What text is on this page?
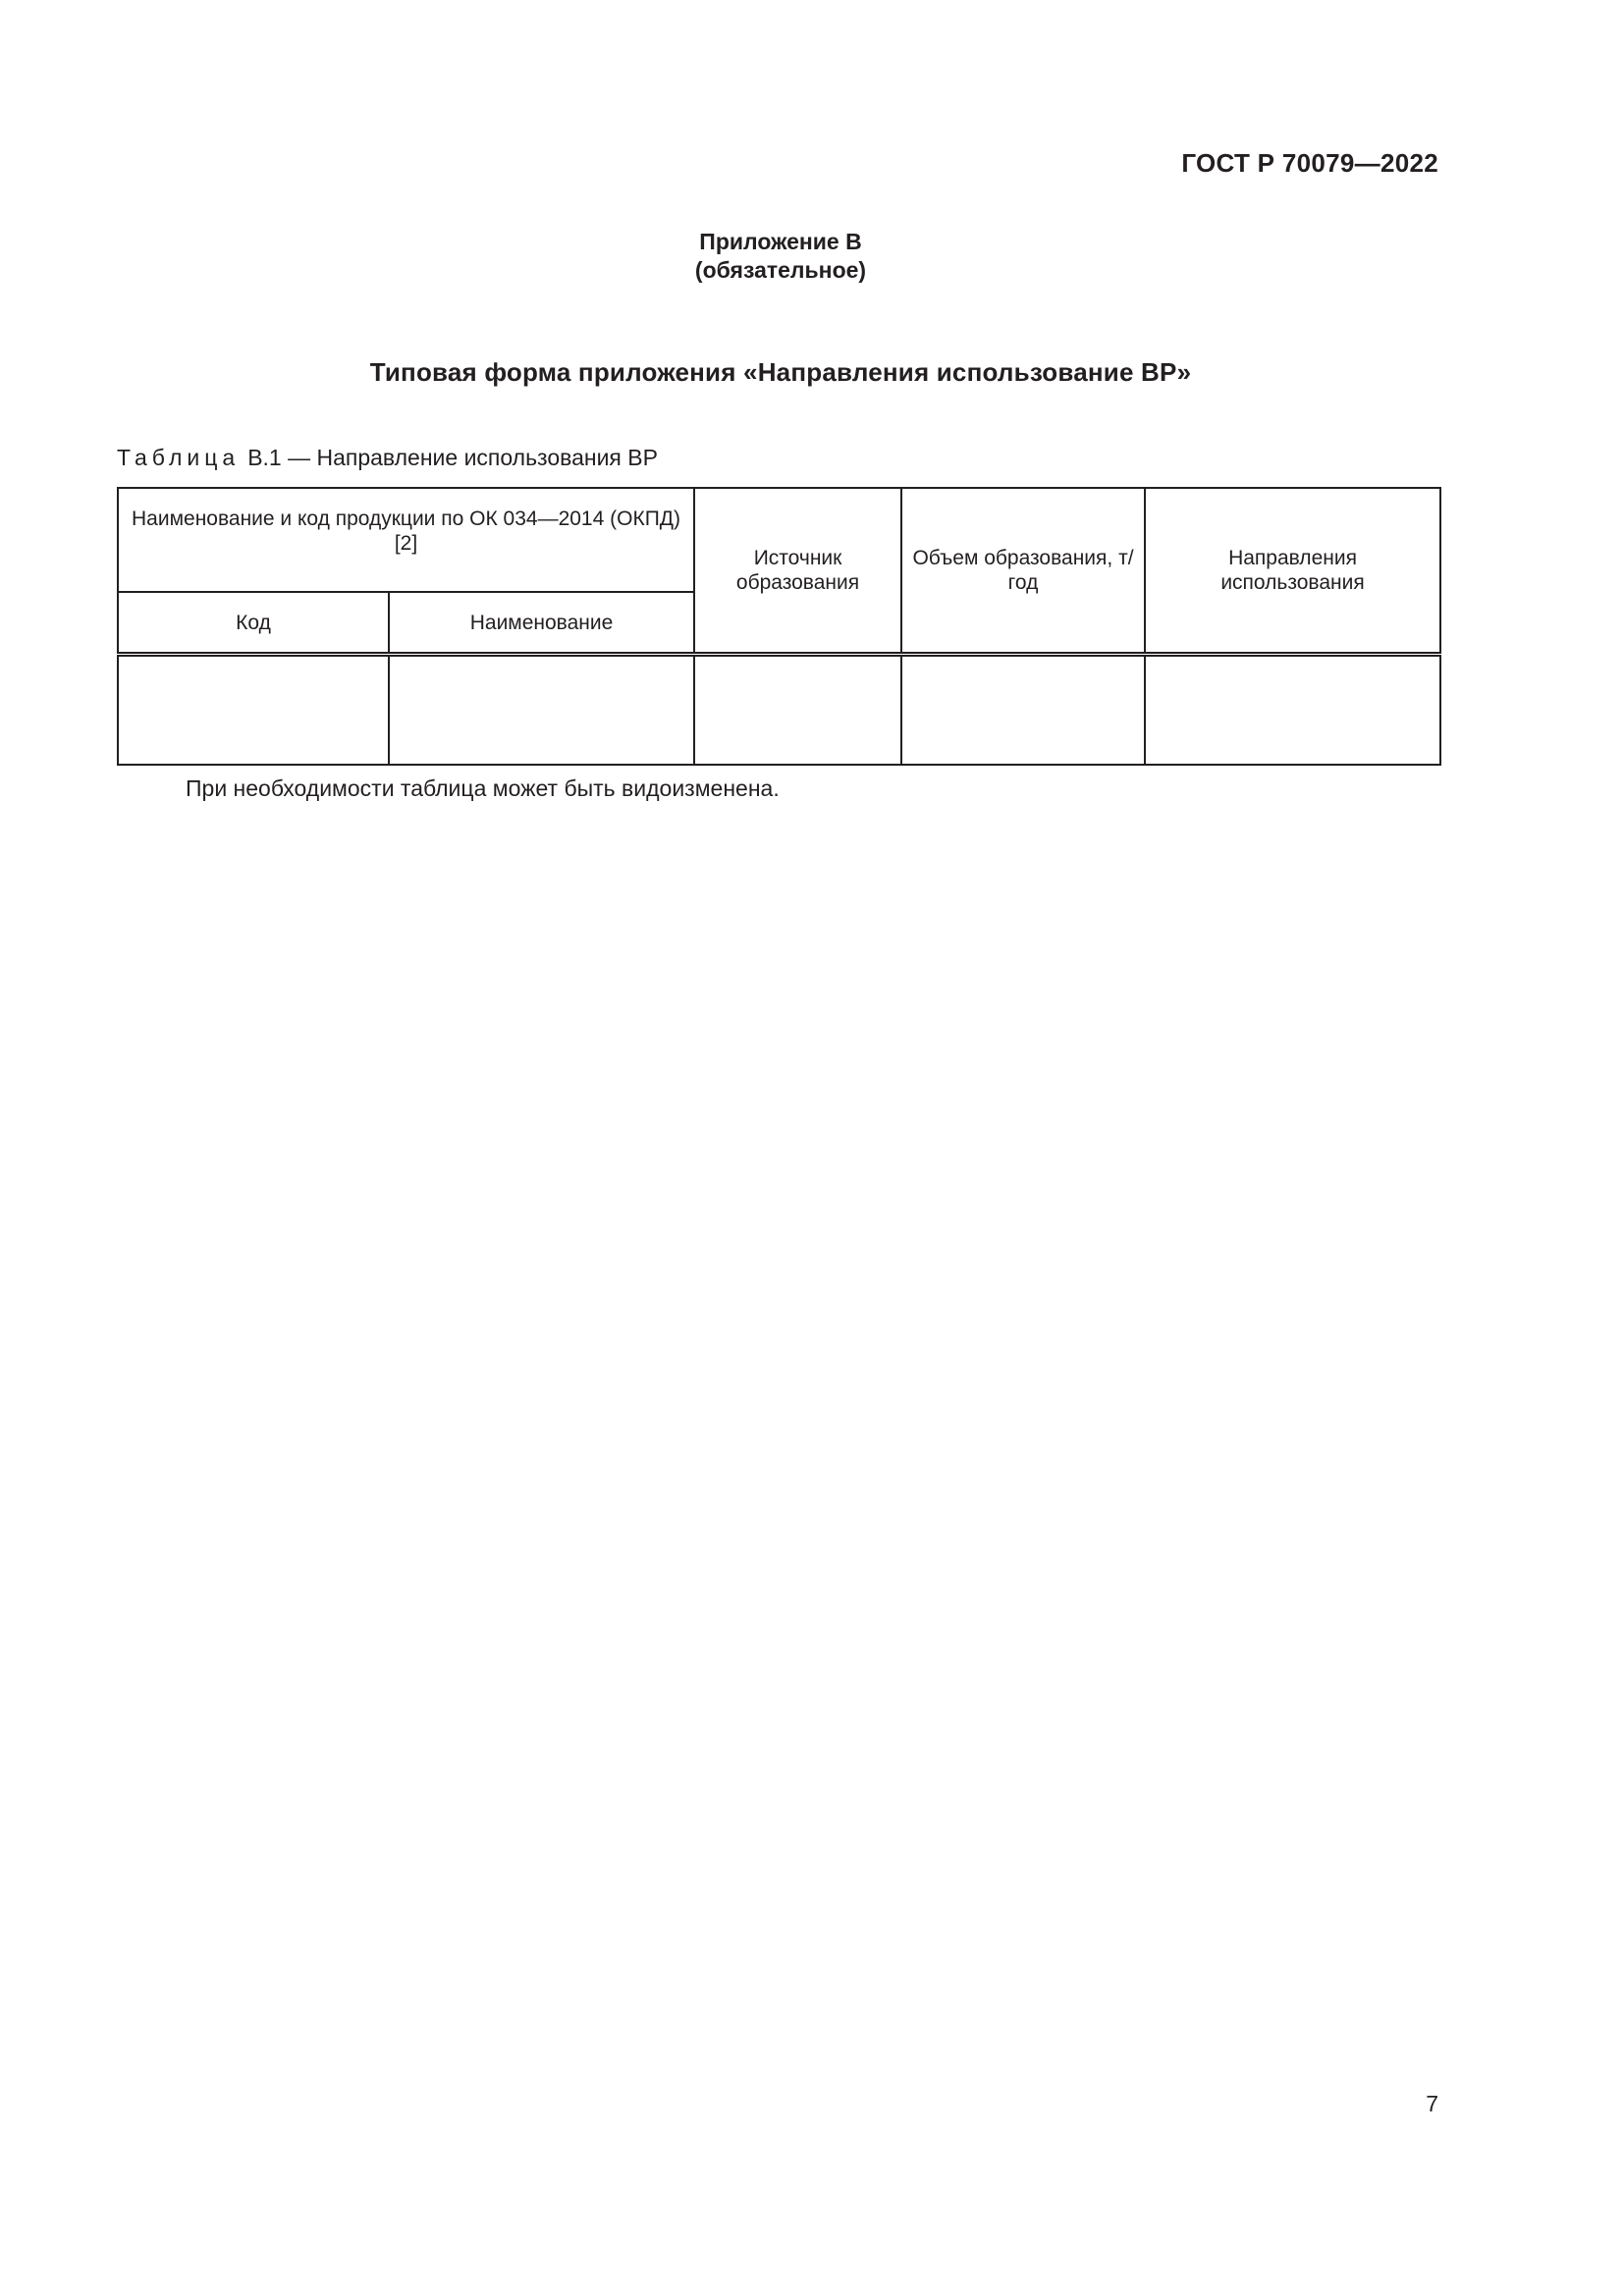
ГОСТ Р 70079—2022
Приложение В
(обязательное)
Типовая форма приложения «Направления использование ВР»
Таблица В.1 — Направление использования ВР
Наименование и код продукции по ОК 034—2014 (ОКПД) [2]		Источник образования	Объем образования, т/год	Направления использования
Код	Наименование			

При необходимости таблица может быть видоизменена.
7
